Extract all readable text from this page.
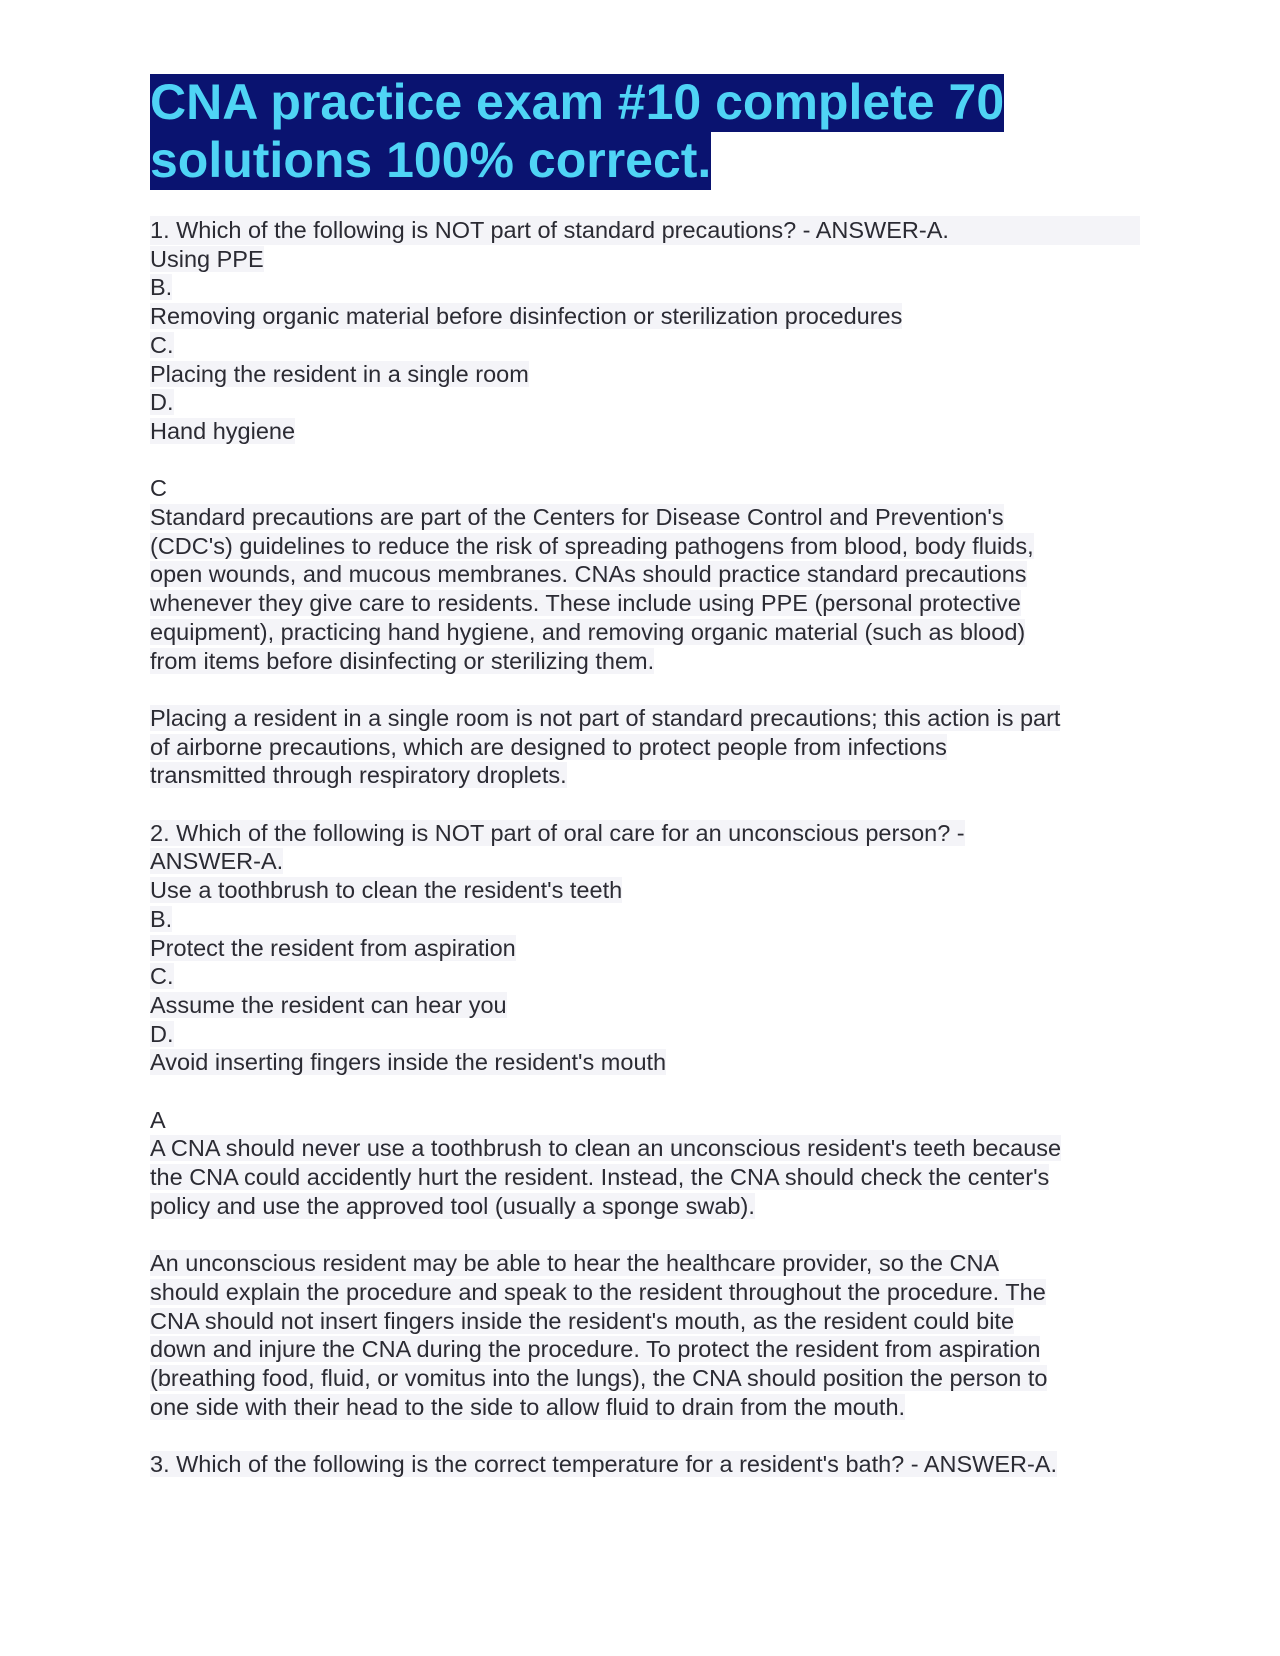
CNA practice exam #10 complete 70
solutions 100% correct.
1. Which of the following is NOT part of standard precautions? - ANSWER-A.
Using PPE
B.
Removing organic material before disinfection or sterilization procedures
C.
Placing the resident in a single room
D.
Hand hygiene
C
Standard precautions are part of the Centers for Disease Control and Prevention's
(CDC's) guidelines to reduce the risk of spreading pathogens from blood, body fluids,
open wounds, and mucous membranes. CNAs should practice standard precautions
whenever they give care to residents. These include using PPE (personal protective
equipment), practicing hand hygiene, and removing organic material (such as blood)
from items before disinfecting or sterilizing them.
Placing a resident in a single room is not part of standard precautions; this action is part
of airborne precautions, which are designed to protect people from infections
transmitted through respiratory droplets.
2. Which of the following is NOT part of oral care for an unconscious person? -
ANSWER-A.
Use a toothbrush to clean the resident's teeth
B.
Protect the resident from aspiration
C.
Assume the resident can hear you
D.
Avoid inserting fingers inside the resident's mouth
A
A CNA should never use a toothbrush to clean an unconscious resident's teeth because
the CNA could accidently hurt the resident. Instead, the CNA should check the center's
policy and use the approved tool (usually a sponge swab).
An unconscious resident may be able to hear the healthcare provider, so the CNA
should explain the procedure and speak to the resident throughout the procedure. The
CNA should not insert fingers inside the resident's mouth, as the resident could bite
down and injure the CNA during the procedure. To protect the resident from aspiration
(breathing food, fluid, or vomitus into the lungs), the CNA should position the person to
one side with their head to the side to allow fluid to drain from the mouth.
3. Which of the following is the correct temperature for a resident's bath? - ANSWER-A.
